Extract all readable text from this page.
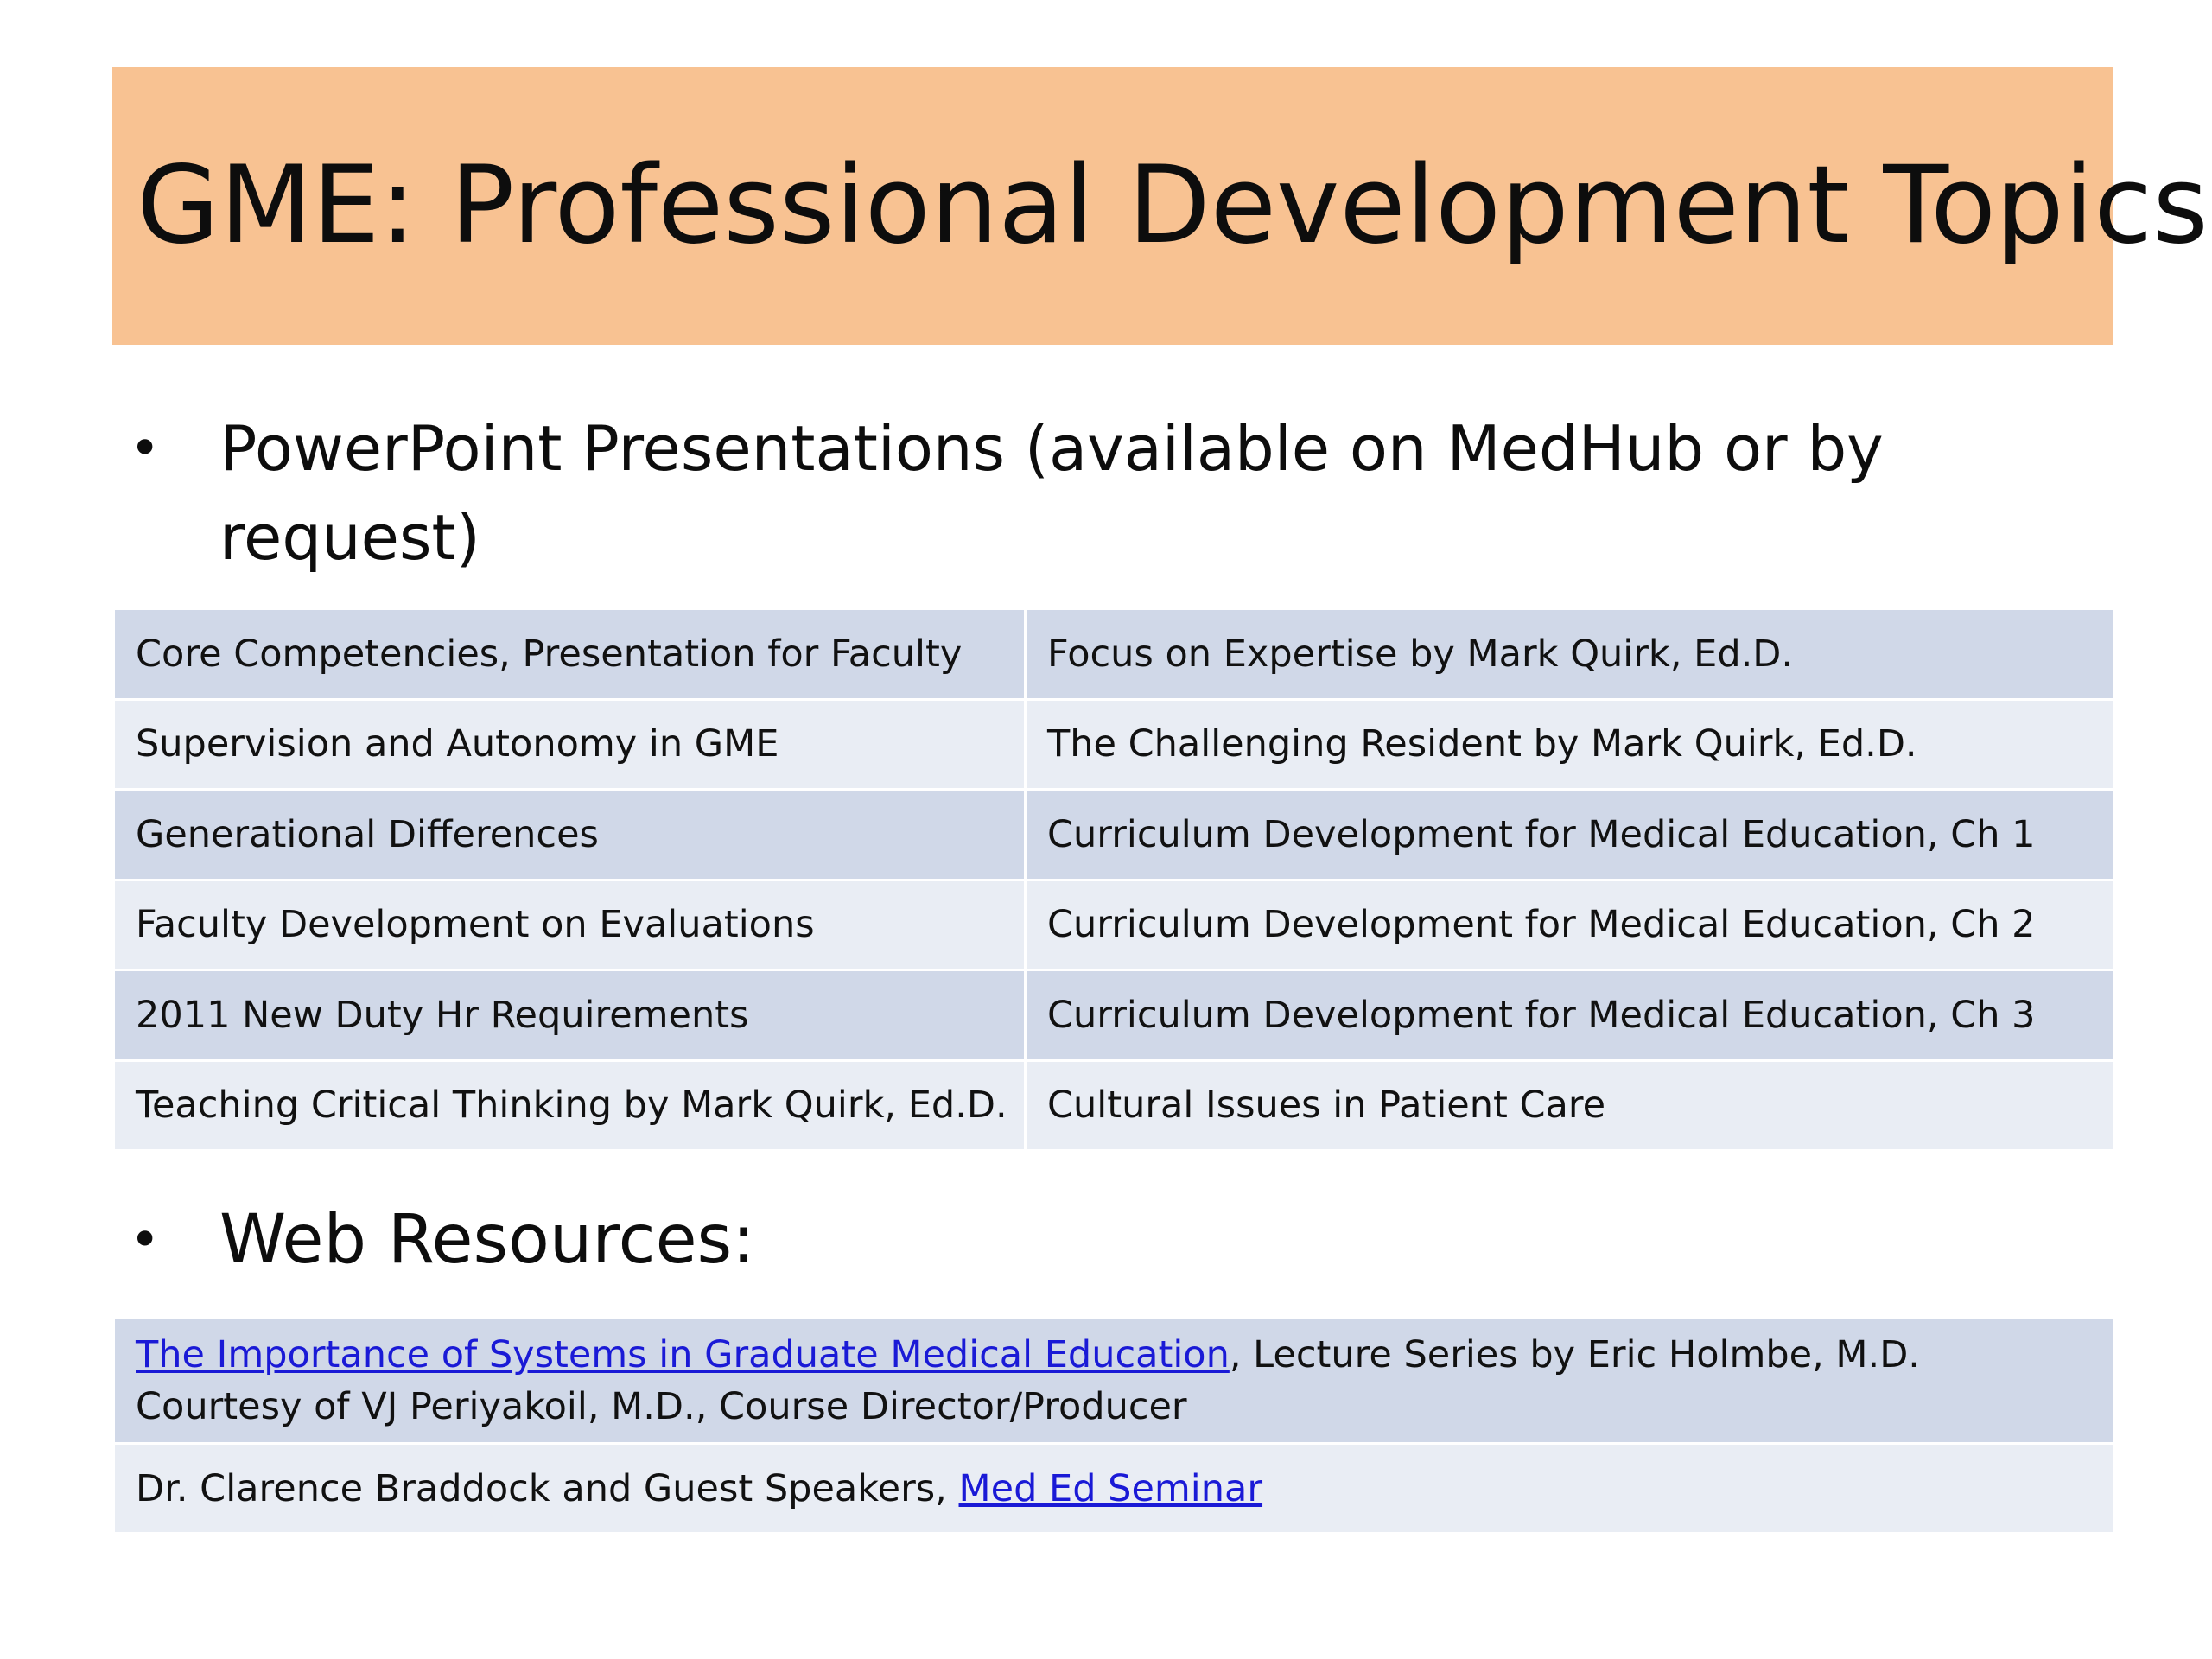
GME: Professional Development Topics
• PowerPoint Presentations (available on MedHub or by request)
Core Competencies, Presentation for Faculty	Focus on Expertise by Mark Quirk, Ed.D.
Supervision and Autonomy in GME	The Challenging Resident by Mark Quirk, Ed.D.
Generational Differences	Curriculum Development for Medical Education, Ch 1
Faculty Development on Evaluations	Curriculum Development for Medical Education, Ch 2
2011 New Duty Hr Requirements	Curriculum Development for Medical Education, Ch 3
Teaching Critical Thinking by Mark Quirk, Ed.D.	Cultural Issues in Patient Care
• Web Resources:
The Importance of Systems in Graduate Medical Education, Lecture Series by Eric Holmbe, M.D. Courtesy of VJ Periyakoil, M.D., Course Director/Producer
Dr. Clarence Braddock and Guest Speakers, Med Ed Seminar
